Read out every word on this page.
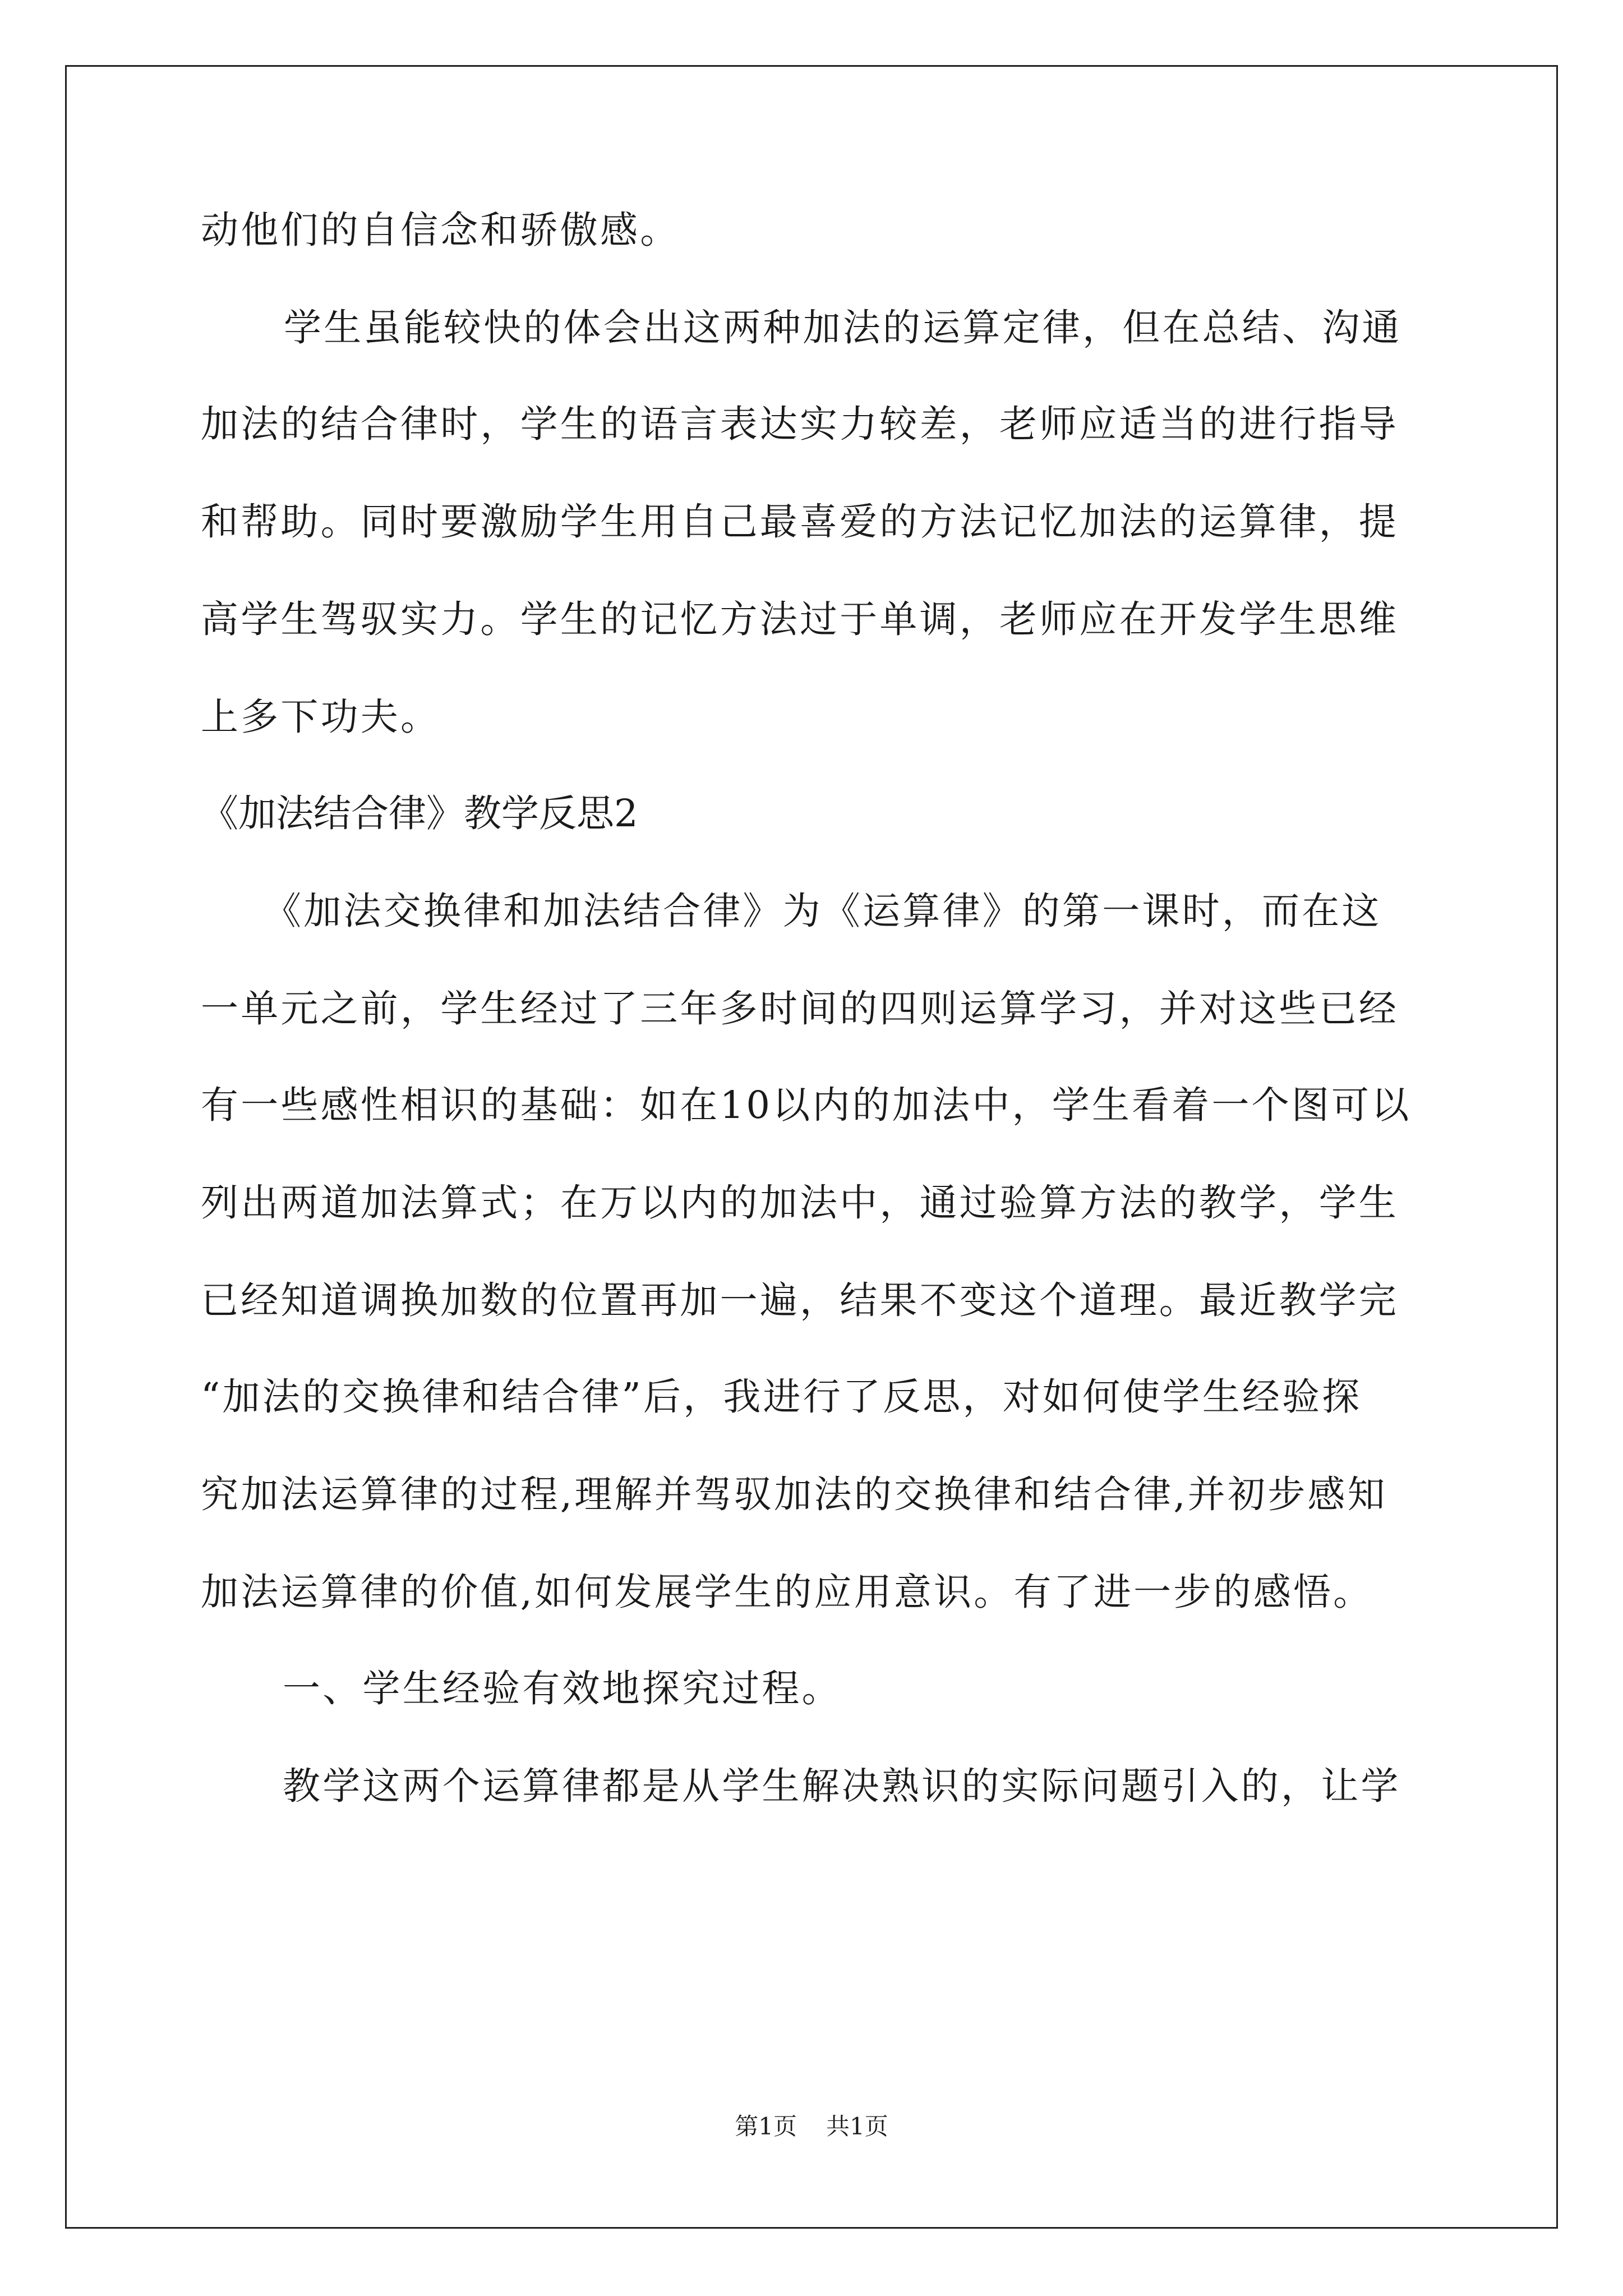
动他们的自信念和骄傲感。
学生虽能较快的体会出这两种加法的运算定律，但在总结、沟通
加法的结合律时，学生的语言表达实力较差，老师应适当的进行指导
和帮助。同时要激励学生用自己最喜爱的方法记忆加法的运算律，提
高学生驾驭实力。学生的记忆方法过于单调，老师应在开发学生思维
上多下功夫。
《加法结合律》教学反思2
《加法交换律和加法结合律》为《运算律》的第一课时，而在这
一单元之前，学生经过了三年多时间的四则运算学习，并对这些已经
有一些感性相识的基础：如在10以内的加法中，学生看着一个图可以
列出两道加法算式；在万以内的加法中，通过验算方法的教学，学生
已经知道调换加数的位置再加一遍，结果不变这个道理。最近教学完
“加法的交换律和结合律”后，我进行了反思，对如何使学生经验探
究加法运算律的过程,理解并驾驭加法的交换律和结合律,并初步感知
加法运算律的价值,如何发展学生的应用意识。有了进一步的感悟。
一、学生经验有效地探究过程。
教学这两个运算律都是从学生解决熟识的实际问题引入的，让学
第1页 共1页
